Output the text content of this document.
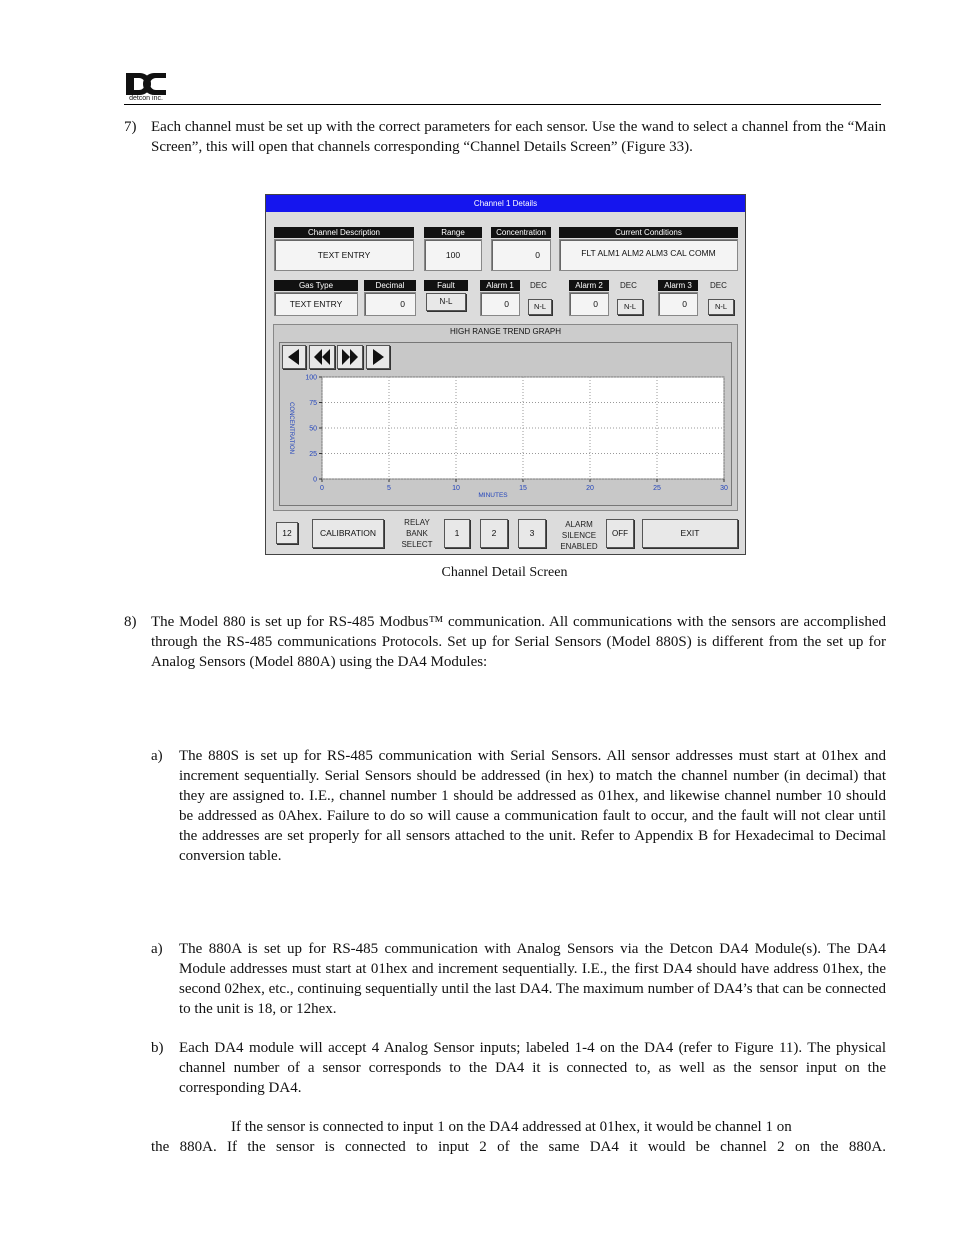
detcon inc.
7) Each channel must be set up with the correct parameters for each sensor. Use the wand to select a channel from the “Main Screen”, this will open that channels corresponding “Channel Details Screen” (Figure 33).
Channel 1 Details
Channel Description
TEXT ENTRY
Range
100
Concentration
0
Current Conditions
FLT ALM1 ALM2 ALM3 CAL COMM
Gas Type
TEXT ENTRY
Decimal
0
Fault
N-L
Alarm 1
0
DEC
N-L
Alarm 2
0
DEC
N-L
Alarm 3
0
DEC
N-L
HIGH RANGE TREND GRAPH
0	5	10	15	20	25	30
0
25
50
75
100
MINUTES
CONCENTRATION
12	CALIBRATION
RELAY
BANK
SELECT
1	2	3
ALARM
SILENCE
ENABLED
OFF	EXIT
Channel Detail Screen
8) The Model 880 is set up for RS-485 Modbus™ communication. All communications with the sensors are accomplished through the RS-485 communications Protocols. Set up for Serial Sensors (Model 880S) is different from the set up for Analog Sensors (Model 880A) using the DA4 Modules:
a) The 880S is set up for RS-485 communication with Serial Sensors. All sensor addresses must start at 01hex and increment sequentially. Serial Sensors should be addressed (in hex) to match the channel number (in decimal) that they are assigned to. I.E., channel number 1 should be addressed as 01hex, and likewise channel number 10 should be addressed as 0Ahex. Failure to do so will cause a communication fault to occur, and the fault will not clear until the addresses are set properly for all sensors attached to the unit. Refer to Appendix B for Hexadecimal to Decimal conversion table.
a) The 880A is set up for RS-485 communication with Analog Sensors via the Detcon DA4 Module(s). The DA4 Module addresses must start at 01hex and increment sequentially. I.E., the first DA4 should have address 01hex, the second 02hex, etc., continuing sequentially until the last DA4. The maximum number of DA4’s that can be connected to the unit is 18, or 12hex.
b) Each DA4 module will accept 4 Analog Sensor inputs; labeled 1-4 on the DA4 (refer to Figure 11). The physical channel number of a sensor corresponds to the DA4 it is connected to, as well as the sensor input on the corresponding DA4.
If the sensor is connected to input 1 on the DA4 addressed at 01hex, it would be channel 1 on
the 880A. If the sensor is connected to input 2 of the same DA4 it would be channel 2 on the 880A.
